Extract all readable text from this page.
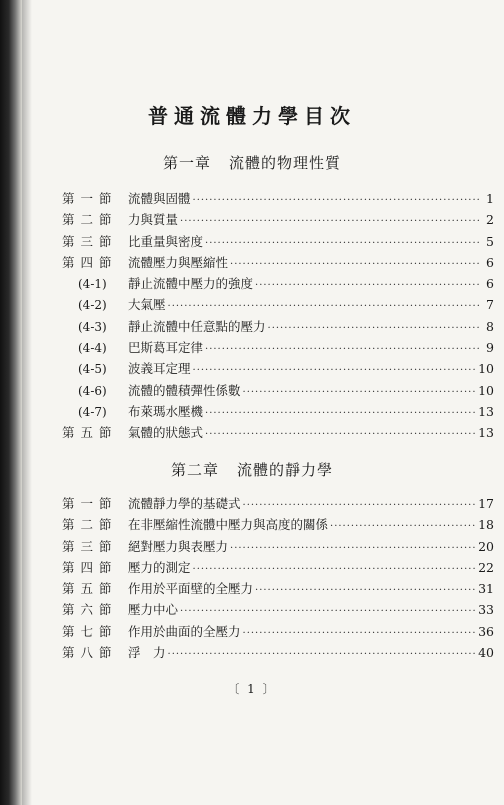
普通流體力學目次
第一章 流體的物理性質
第一節 流體與固體 ·····	1
第二節 力與質量 ·····	2
第三節 比重量與密度 ·····	5
第四節 流體壓力與壓縮性 ·····	6
(4-1)	靜止流體中壓力的強度 ·····	6
(4-2)	大氣壓 ·····	7
(4-3)	靜止流體中任意點的壓力 ·····	8
(4-4)	巴斯葛耳定律 ·····	9
(4-5)	波義耳定理 ·····	10
(4-6)	流體的體積彈性係數 ·····	10
(4-7)	布萊瑪水壓機 ·····	13
第五節 氣體的狀態式 ·····	13
第二章 流體的靜力學
第一節 流體靜力學的基礎式 ·····	17
第二節 在非壓縮性流體中壓力與高度的關係 ·····	18
第三節 絕對壓力與表壓力 ·····	20
第四節 壓力的測定 ·····	22
第五節 作用於平面壁的全壓力 ·····	31
第六節 壓力中心 ·····	33
第七節 作用於曲面的全壓力 ·····	36
第八節 浮　力 ·····	40
〔 1 〕
